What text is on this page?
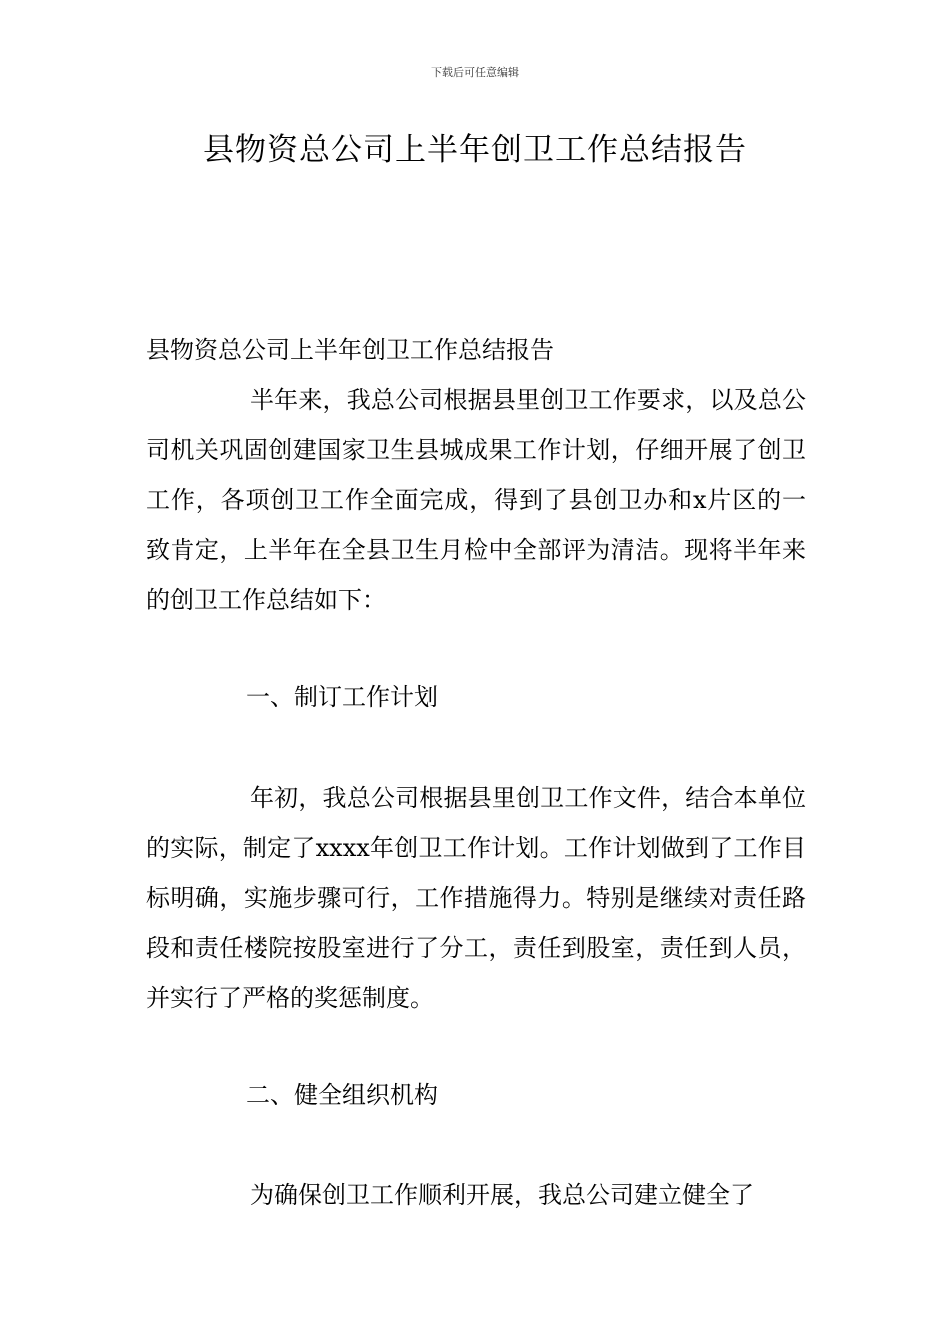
下载后可任意编辑
县物资总公司上半年创卫工作总结报告

县物资总公司上半年创卫工作总结报告

半年来，我总公司根据县里创卫工作要求，以及总公司机关巩固创建国家卫生县城成果工作计划，仔细开展了创卫工作，各项创卫工作全面完成，得到了县创卫办和x片区的一致肯定，上半年在全县卫生月检中全部评为清洁。现将半年来的创卫工作总结如下：

一、制订工作计划

年初，我总公司根据县里创卫工作文件，结合本单位的实际，制定了xxxx年创卫工作计划。工作计划做到了工作目标明确，实施步骤可行，工作措施得力。特别是继续对责任路段和责任楼院按股室进行了分工，责任到股室，责任到人员，并实行了严格的奖惩制度。

二、健全组织机构

为确保创卫工作顺利开展，我总公司建立健全了
